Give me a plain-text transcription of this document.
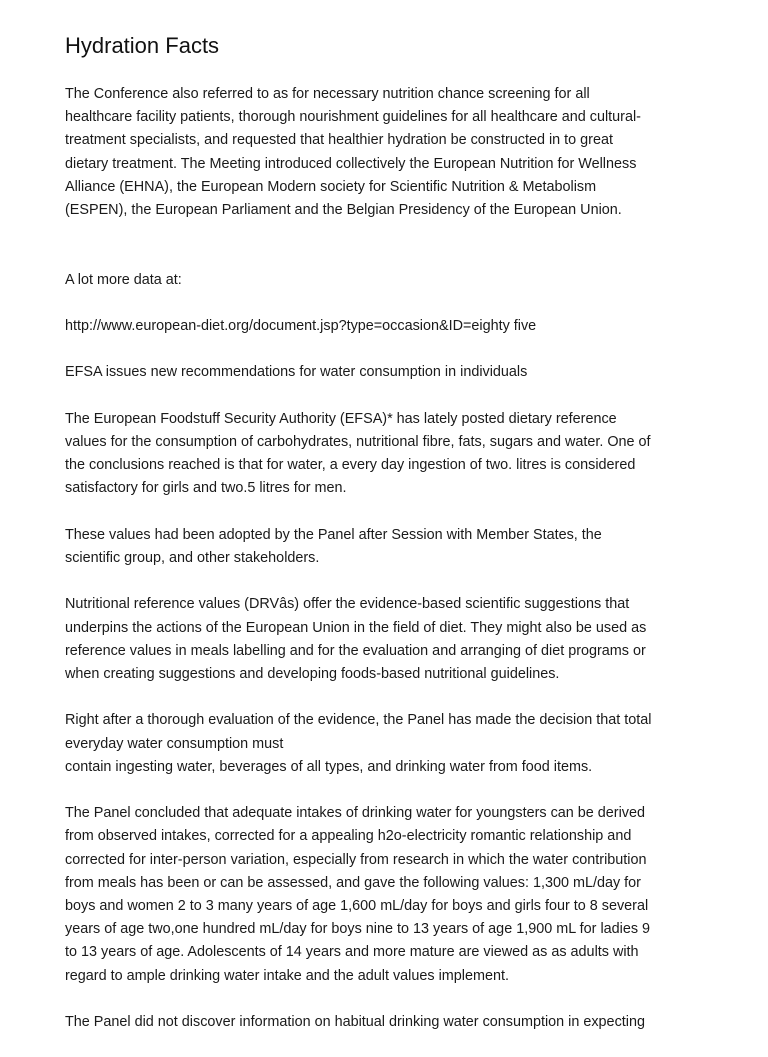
Hydration Facts

The Conference also referred to as for necessary nutrition chance screening for all
healthcare facility patients, thorough nourishment guidelines for all healthcare and cultural-
treatment specialists, and requested that healthier hydration be constructed in to great
dietary treatment. The Meeting introduced collectively the European Nutrition for Wellness
Alliance (EHNA), the European Modern society for Scientific Nutrition & Metabolism
(ESPEN), the European Parliament and the Belgian Presidency of the European Union.

A lot more data at:

http://www.european-diet.org/document.jsp?type=occasion&ID=eighty five

EFSA issues new recommendations for water consumption in individuals

The European Foodstuff Security Authority (EFSA)* has lately posted dietary reference
values for the consumption of carbohydrates, nutritional fibre, fats, sugars and water. One of
the conclusions reached is that for water, a every day ingestion of two. litres is considered
satisfactory for girls and two.5 litres for men.

These values had been adopted by the Panel after Session with Member States, the
scientific group, and other stakeholders.

Nutritional reference values (DRVâs) offer the evidence-based scientific suggestions that
underpins the actions of the European Union in the field of diet. They might also be used as
reference values in meals labelling and for the evaluation and arranging of diet programs or
when creating suggestions and developing foods-based nutritional guidelines.

Right after a thorough evaluation of the evidence, the Panel has made the decision that total
everyday water consumption must
contain ingesting water, beverages of all types, and drinking water from food items.

The Panel concluded that adequate intakes of drinking water for youngsters can be derived
from observed intakes, corrected for a appealing h2o-electricity romantic relationship and
corrected for inter-person variation, especially from research in which the water contribution
from meals has been or can be assessed, and gave the following values: 1,300 mL/day for
boys and women 2 to 3 many years of age 1,600 mL/day for boys and girls four to 8 several
years of age two,one hundred mL/day for boys nine to 13 years of age 1,900 mL for ladies 9
to 13 years of age. Adolescents of 14 years and more mature are viewed as as adults with
regard to ample drinking water intake and the adult values implement.

The Panel did not discover information on habitual drinking water consumption in expecting
